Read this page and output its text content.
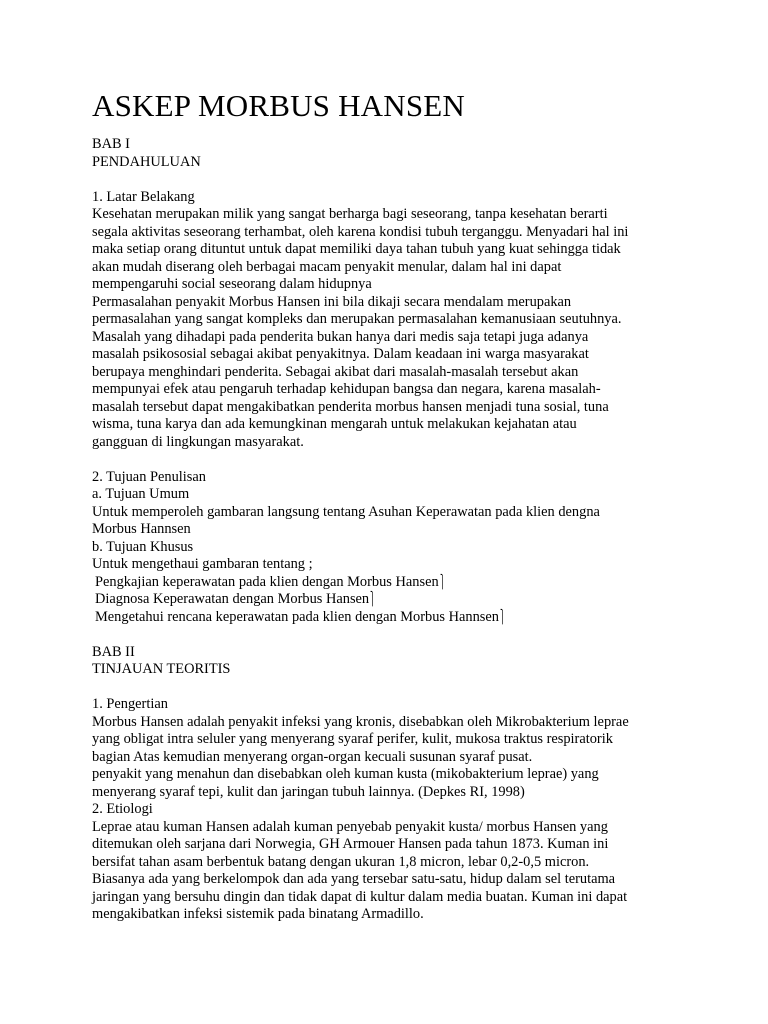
ASKEP MORBUS HANSEN
BAB I
PENDAHULUAN
1. Latar Belakang
Kesehatan merupakan milik yang sangat berharga bagi seseorang, tanpa kesehatan berarti
segala aktivitas seseorang terhambat, oleh karena kondisi tubuh terganggu. Menyadari hal ini
maka setiap orang dituntut untuk dapat memiliki daya tahan tubuh yang kuat sehingga tidak
akan mudah diserang oleh berbagai macam penyakit menular, dalam hal ini dapat
mempengaruhi social seseorang dalam hidupnya
Permasalahan penyakit Morbus Hansen ini bila dikaji secara mendalam merupakan
permasalahan yang sangat kompleks dan merupakan permasalahan kemanusiaan seutuhnya.
Masalah yang dihadapi pada penderita bukan hanya dari medis saja tetapi juga adanya
masalah psikososial sebagai akibat penyakitnya. Dalam keadaan ini warga masyarakat
berupaya menghindari penderita. Sebagai akibat dari masalah-masalah tersebut akan
mempunyai efek atau pengaruh terhadap kehidupan bangsa dan negara, karena masalah-
masalah tersebut dapat mengakibatkan penderita morbus hansen menjadi tuna sosial, tuna
wisma, tuna karya dan ada kemungkinan mengarah untuk melakukan kejahatan atau
gangguan di lingkungan masyarakat.
2. Tujuan Penulisan
a. Tujuan Umum
Untuk memperoleh gambaran langsung tentang Asuhan Keperawatan pada klien dengna
Morbus Hannsen
b. Tujuan Khusus
Untuk mengethaui gambaran tentang ;
Pengkajian keperawatan pada klien dengan Morbus Hansen⎫
Diagnosa Keperawatan dengan Morbus Hansen⎫
Mengetahui rencana keperawatan pada klien dengan Morbus Hannsen⎫
BAB II
TINJAUAN TEORITIS
1. Pengertian
Morbus Hansen adalah penyakit infeksi yang kronis, disebabkan oleh Mikrobakterium leprae
yang obligat intra seluler yang menyerang syaraf perifer, kulit, mukosa traktus respiratorik
bagian Atas kemudian menyerang organ-organ kecuali susunan syaraf pusat.
penyakit yang menahun dan disebabkan oleh kuman kusta (mikobakterium leprae) yang
menyerang syaraf tepi, kulit dan jaringan tubuh lainnya. (Depkes RI, 1998)
2. Etiologi
Leprae atau kuman Hansen adalah kuman penyebab penyakit kusta/ morbus Hansen yang
ditemukan oleh sarjana dari Norwegia, GH Armouer Hansen pada tahun 1873. Kuman ini
bersifat tahan asam berbentuk batang dengan ukuran 1,8 micron, lebar 0,2-0,5 micron.
Biasanya ada yang berkelompok dan ada yang tersebar satu-satu, hidup dalam sel terutama
jaringan yang bersuhu dingin dan tidak dapat di kultur dalam media buatan. Kuman ini dapat
mengakibatkan infeksi sistemik pada binatang Armadillo.
